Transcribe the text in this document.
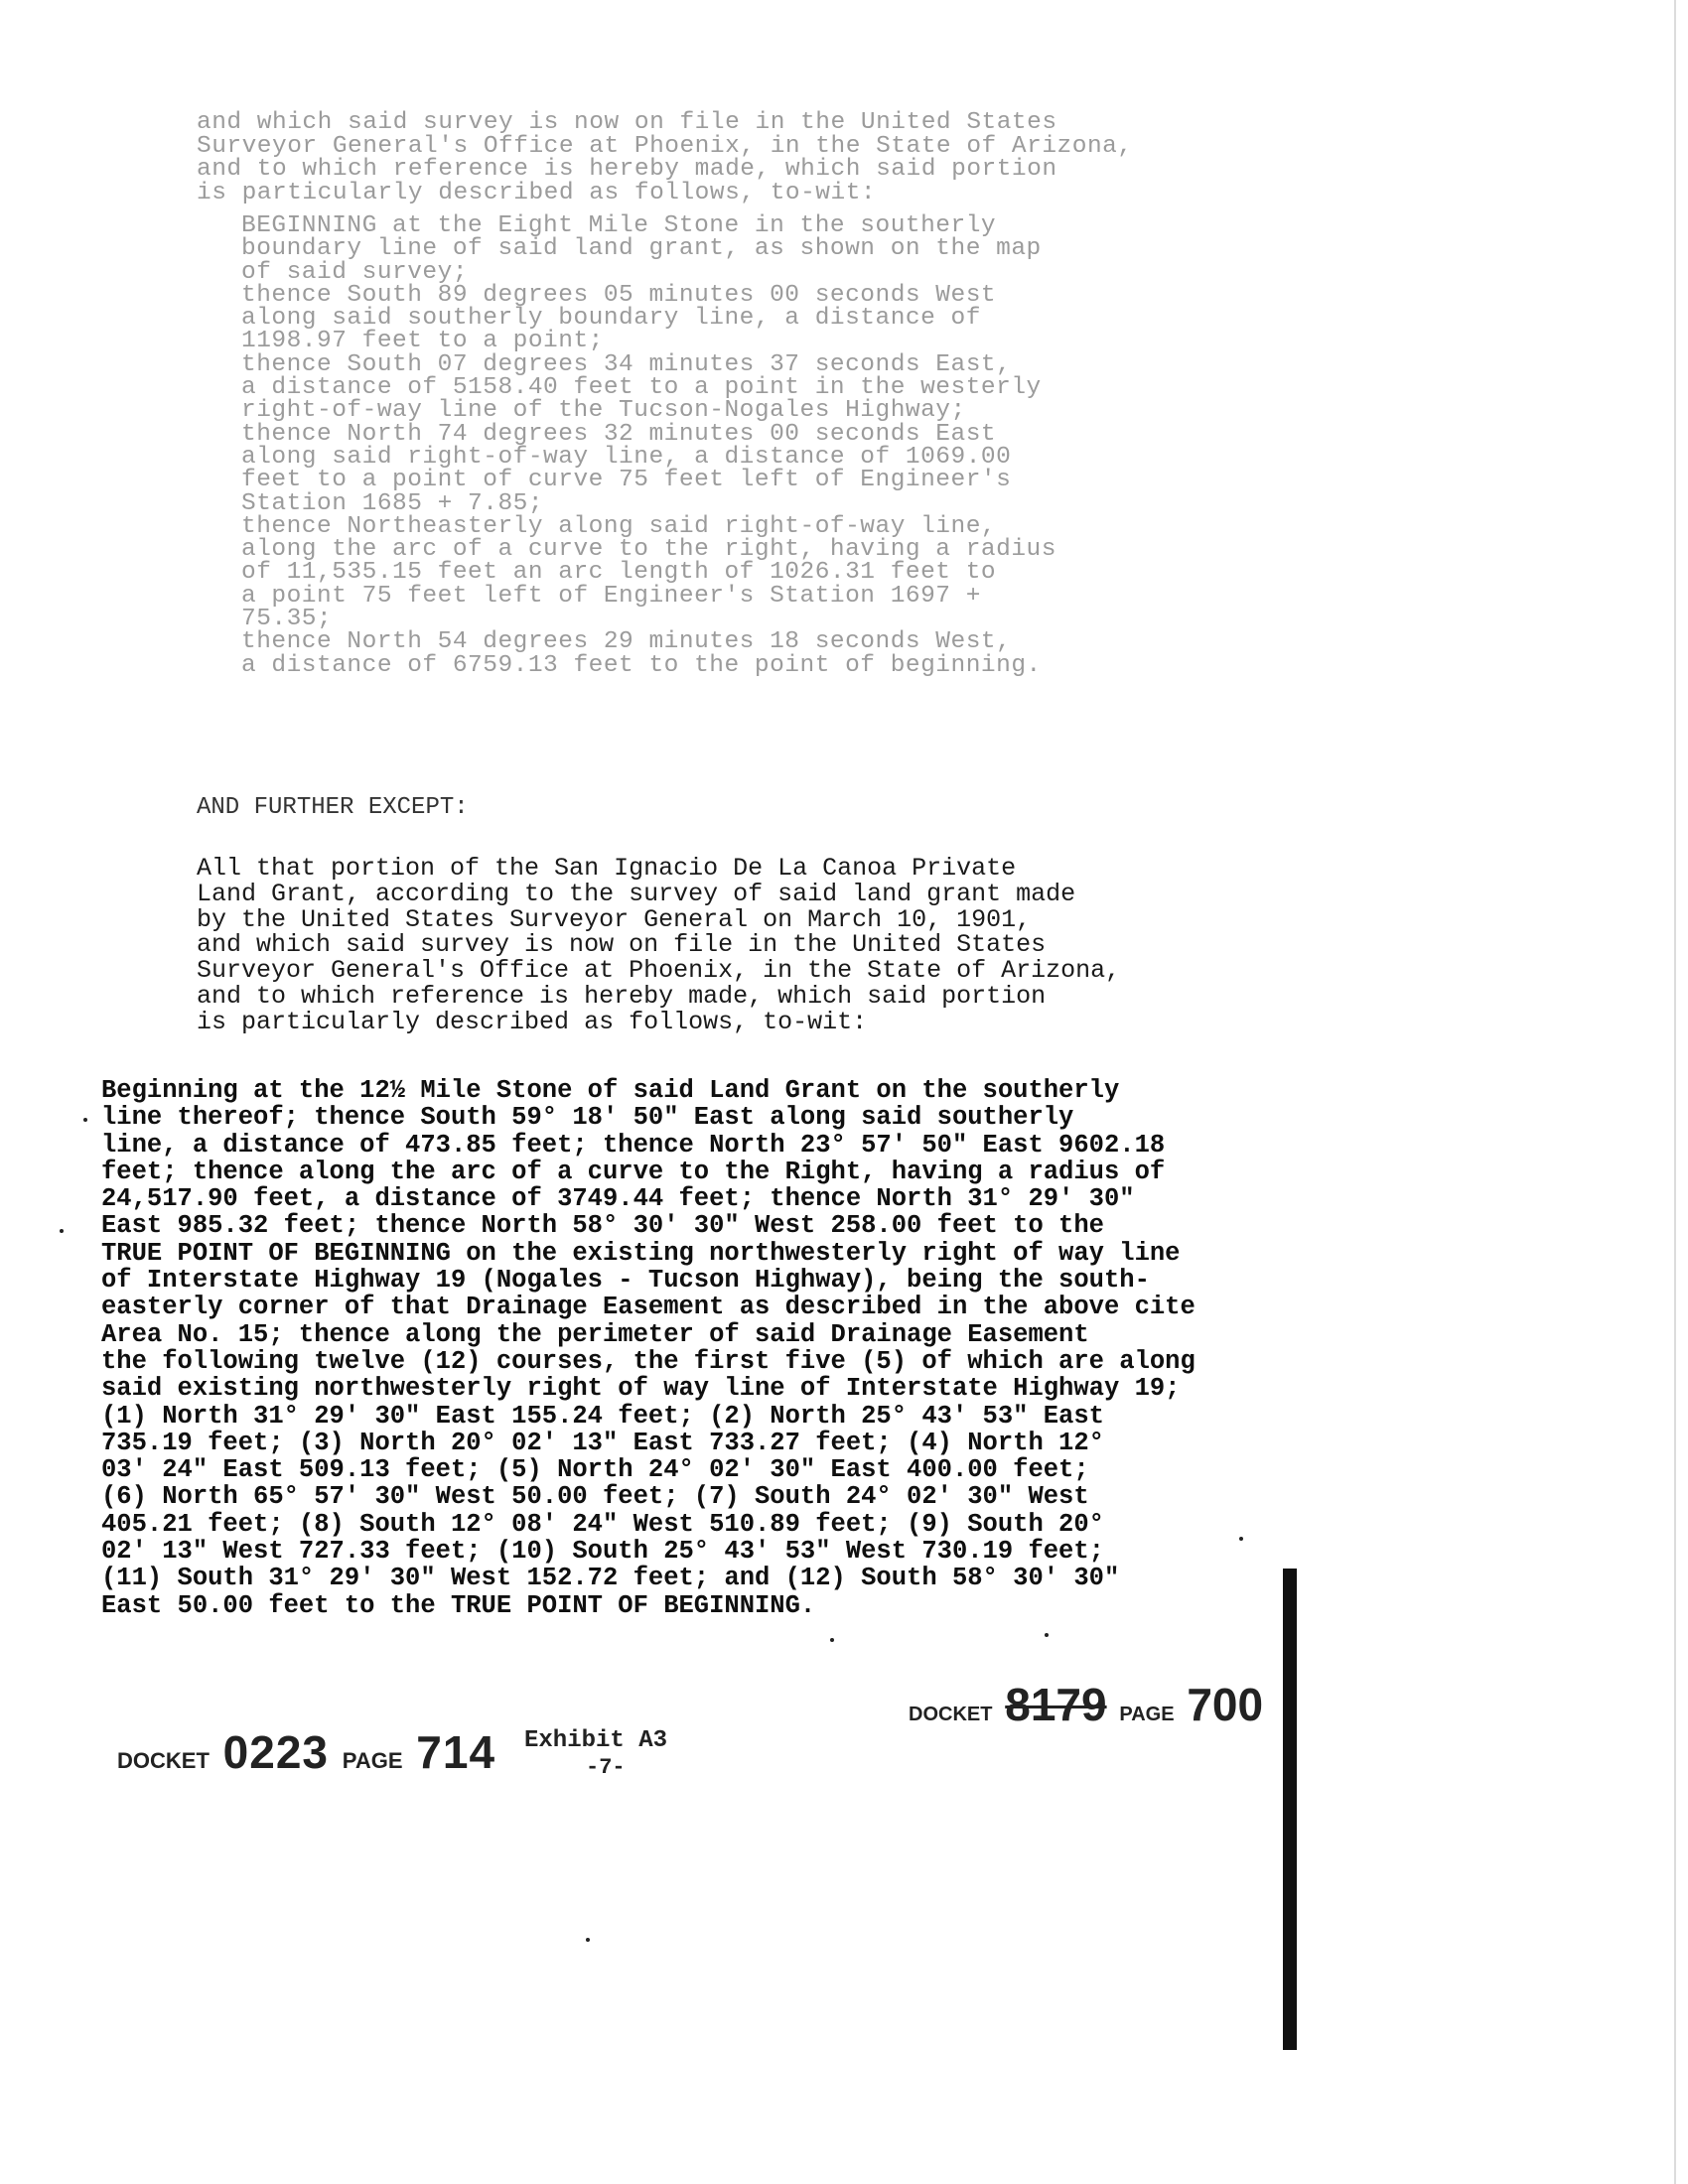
and which said survey is now on file in the United States
Surveyor General's Office at Phoenix, in the State of Arizona,
and to which reference is hereby made, which said portion
is particularly described as follows, to-wit:
BEGINNING at the Eight Mile Stone in the southerly
boundary line of said land grant, as shown on the map
of said survey;
thence South 89 degrees 05 minutes 00 seconds West
along said southerly boundary line, a distance of
1198.97 feet to a point;
thence South 07 degrees 34 minutes 37 seconds East,
a distance of 5158.40 feet to a point in the westerly
right-of-way line of the Tucson-Nogales Highway;
thence North 74 degrees 32 minutes 00 seconds East
along said right-of-way line, a distance of 1069.00
feet to a point of curve 75 feet left of Engineer's
Station 1685 + 7.85;
thence Northeasterly along said right-of-way line,
along the arc of a curve to the right, having a radius
of 11,535.15 feet an arc length of 1026.31 feet to
a point 75 feet left of Engineer's Station 1697 +
75.35;
thence North 54 degrees 29 minutes 18 seconds West,
a distance of 6759.13 feet to the point of beginning.
AND FURTHER EXCEPT:
All that portion of the San Ignacio De La Canoa Private
Land Grant, according to the survey of said land grant made
by the United States Surveyor General on March 10, 1901,
and which said survey is now on file in the United States
Surveyor General's Office at Phoenix, in the State of Arizona,
and to which reference is hereby made, which said portion
is particularly described as follows, to-wit:
Beginning at the 12½ Mile Stone of said Land Grant on the southerly
line thereof; thence South 59° 18' 50" East along said southerly
line, a distance of 473.85 feet; thence North 23° 57' 50" East 9602.18
feet; thence along the arc of a curve to the Right, having a radius of
24,517.90 feet, a distance of 3749.44 feet; thence North 31° 29' 30"
East 985.32 feet; thence North 58° 30' 30" West 258.00 feet to the
TRUE POINT OF BEGINNING on the existing northwesterly right of way line
of Interstate Highway 19 (Nogales - Tucson Highway), being the south-
easterly corner of that Drainage Easement as described in the above cite
Area No. 15; thence along the perimeter of said Drainage Easement
the following twelve (12) courses, the first five (5) of which are along
said existing northwesterly right of way line of Interstate Highway 19;
(1) North 31° 29' 30" East 155.24 feet; (2) North 25° 43' 53" East
735.19 feet; (3) North 20° 02' 13" East 733.27 feet; (4) North 12°
03' 24" East 509.13 feet; (5) North 24° 02' 30" East 400.00 feet;
(6) North 65° 57' 30" West 50.00 feet; (7) South 24° 02' 30" West
405.21 feet; (8) South 12° 08' 24" West 510.89 feet; (9) South 20°
02' 13" West 727.33 feet; (10) South 25° 43' 53" West 730.19 feet;
(11) South 31° 29' 30" West 152.72 feet; and (12) South 58° 30' 30"
East 50.00 feet to the TRUE POINT OF BEGINNING.
DOCKET 0223 PAGE 714 Exhibit A3
-7-
DOCKET 8179 PAGE 700
